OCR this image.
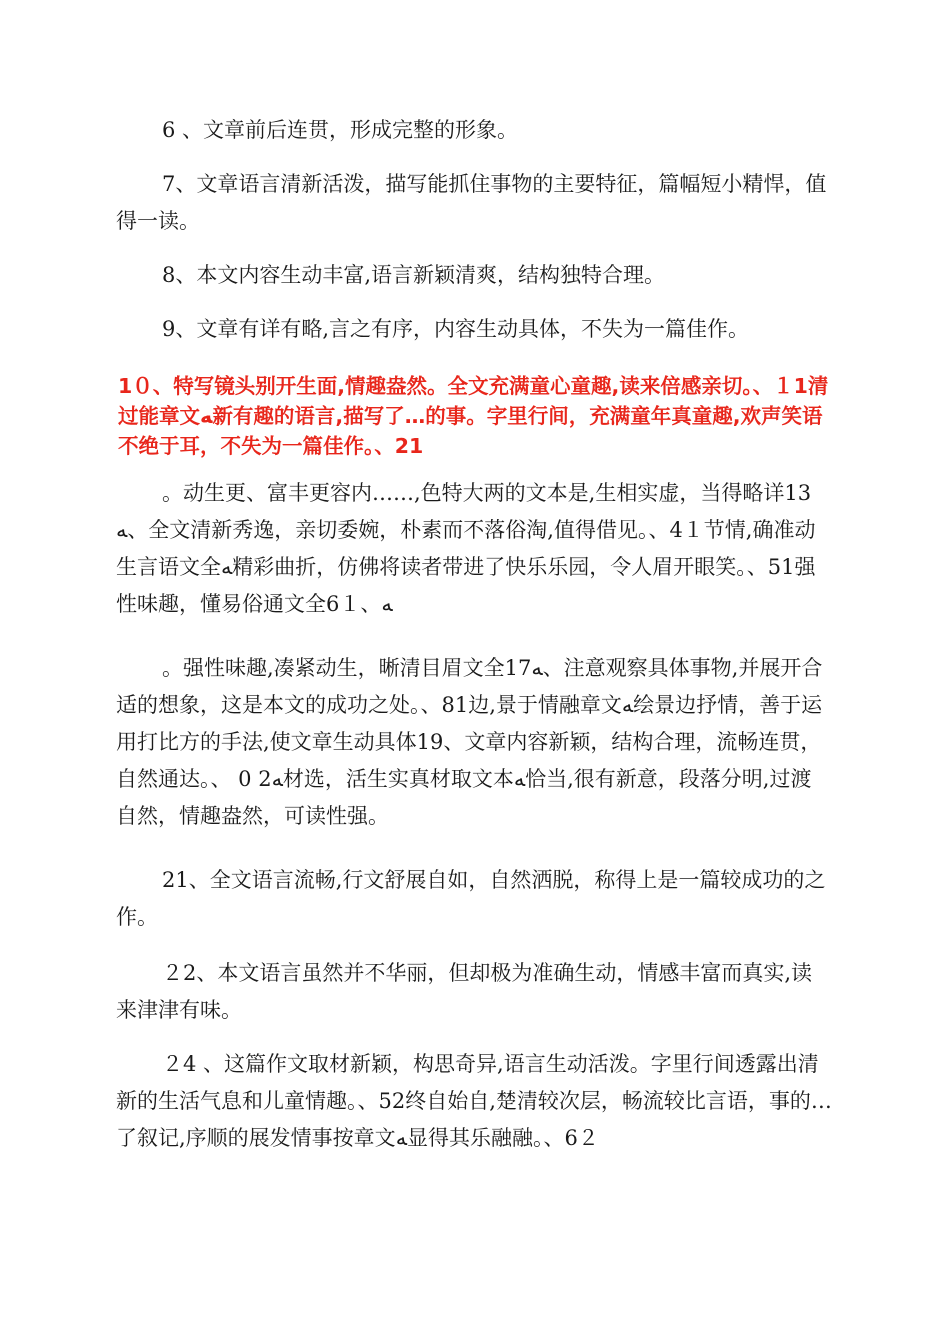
6 、文章前后连贯，形成完整的形象。

7、文章语言清新活泼，描写能抓住事物的主要特征，篇幅短小精悍，值得一读。

8、本文内容生动丰富,语言新颖清爽，结构独特合理。

9、文章有详有略,言之有序，内容生动具体，不失为一篇佳作。

1０、特写镜头别开生面,情趣盎然。全文充满童心童趣,读来倍感亲切。、１1清过能章文ﻪ新有趣的语言,描写了…的事。字里行间，充满童年真童趣,欢声笑语不绝于耳，不失为一篇佳作。、21

。动生更、富丰更容内……,色特大两的文本是,生相实虚，当得略详13ﻪ、全文清新秀逸，亲切委婉，朴素而不落俗淘,值得借见。、4１节情,确准动生言语文全ﻪ精彩曲折，仿佛将读者带进了快乐乐园，令人眉开眼笑。、51强性味趣，懂易俗通文全6１、ﻪ

。强性味趣,凑紧动生，晰清目眉文全17ﻪ、注意观察具体事物,并展开合适的想象，这是本文的成功之处。、81边,景于情融章文ﻪ绘景边抒情，善于运用打比方的手法,使文章生动具体19、文章内容新颖，结构合理，流畅连贯，自然通达。、 0 2ﻪ材选，活生实真材取文本ﻪ恰当,很有新意，段落分明,过渡自然，情趣盎然，可读性强。

21、全文语言流畅,行文舒展自如，自然洒脱，称得上是一篇较成功的之作。

２2、本文语言虽然并不华丽，但却极为准确生动，情感丰富而真实,读来津津有味。

２4 、这篇作文取材新颖，构思奇异,语言生动活泼。字里行间透露出清新的生活气息和儿童情趣。、52终自始自,楚清较次层，畅流较比言语，事的…了叙记,序顺的展发情事按章文ﻪ显得其乐融融。、6２
